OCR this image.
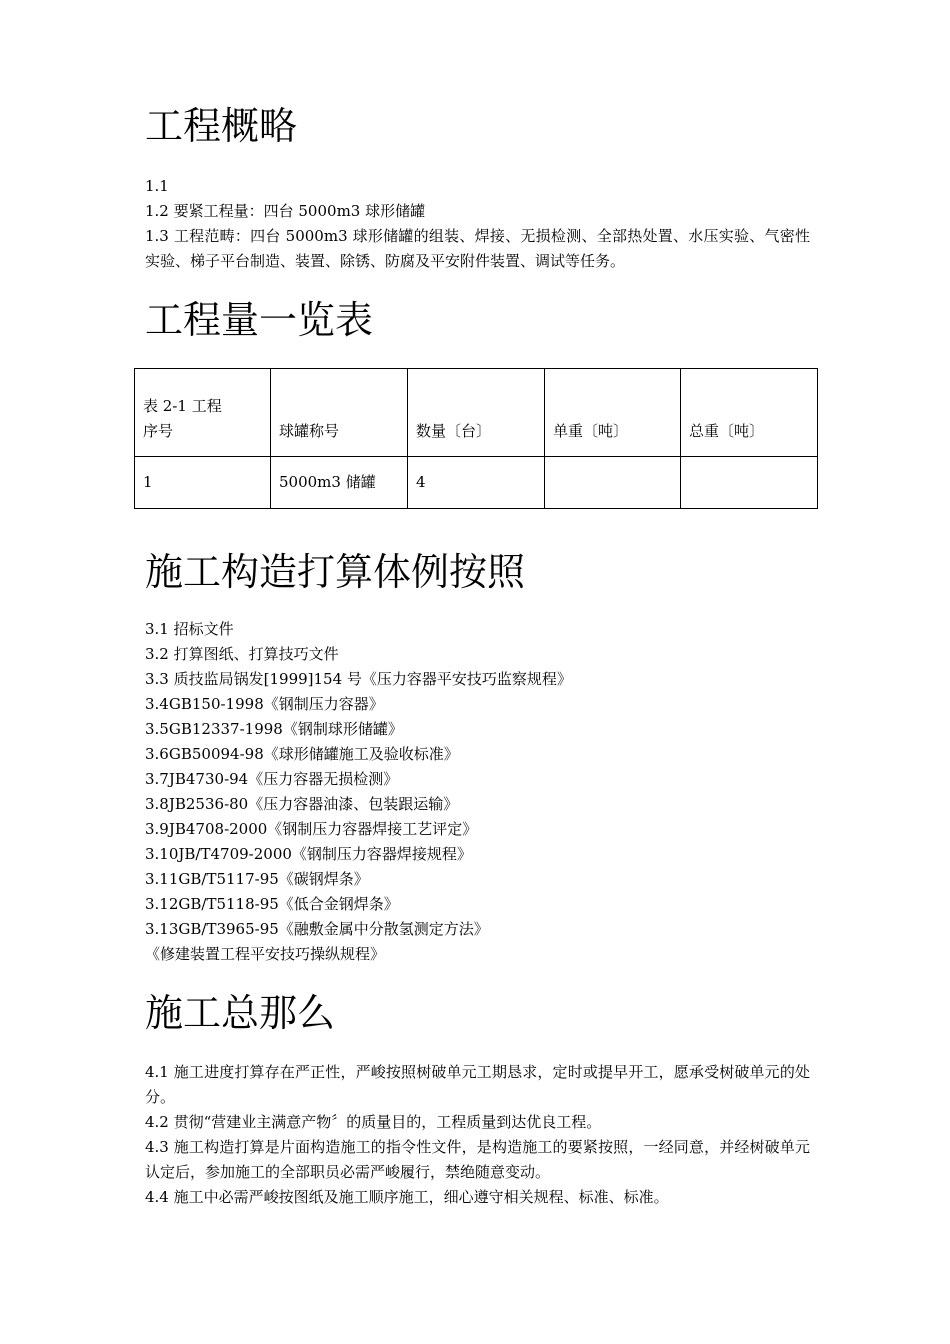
工程概略

1.1

1.2 要紧工程量：四台 5000m3 球形储罐

1.3 工程范畴：四台 5000m3 球形储罐的组装、焊接、无损检测、全部热处置、水压实验、气密性实验、梯子平台制造、装置、除锈、防腐及平安附件装置、调试等任务。

工程量一览表
表 2-1 工程
序号	球罐称号	数量〔台〕	单重〔吨〕	总重〔吨〕
1	5000m3 储罐	4		
施工构造打算体例按照

3.1 招标文件

3.2 打算图纸、打算技巧文件

3.3 质技监局锅发[1999]154 号《压力容器平安技巧监察规程》

3.4GB150-1998《钢制压力容器》

3.5GB12337-1998《钢制球形储罐》

3.6GB50094-98《球形储罐施工及验收标准》

3.7JB4730-94《压力容器无损检测》

3.8JB2536-80《压力容器油漆、包装跟运输》

3.9JB4708-2000《钢制压力容器焊接工艺评定》

3.10JB/T4709-2000《钢制压力容器焊接规程》

3.11GB/T5117-95《碳钢焊条》

3.12GB/T5118-95《低合金钢焊条》

3.13GB/T3965-95《融敷金属中分散氢测定方法》

《修建装置工程平安技巧操纵规程》

施工总那么

4.1 施工进度打算存在严正性，严峻按照树破单元工期恳求，定时或提早开工，愿承受树破单元的处分。

4.2 贯彻“营建业主满意产物〞的质量目的，工程质量到达优良工程。

4.3 施工构造打算是片面构造施工的指令性文件，是构造施工的要紧按照，一经同意，并经树破单元认定后，参加施工的全部职员必需严峻履行，禁绝随意变动。

4.4 施工中必需严峻按图纸及施工顺序施工，细心遵守相关规程、标准、标准。
